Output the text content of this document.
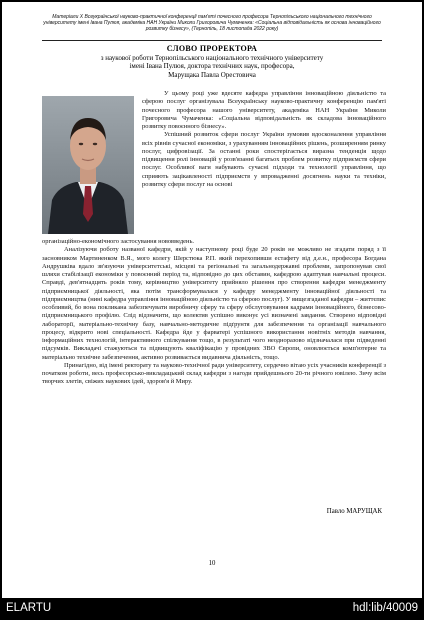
Матеріали Х Всеукраїнської науково-практичної конференції пам'яті почесного професора Тернопільського національного технічного університету імені Івана Пулюя, академіка НАН України Миколи Григоровича Чумаченка: «Соціальна відповідальність як основа інноваційного розвитку бізнесу», (Тернопіль, 18 листопада 2022 року)
СЛОВО ПРОРЕКТОРА
з наукової роботи Тернопільського національного технічного університету
імені Івана Пулюя, доктора технічних наук, професора,
Марущака Павла Орестовича

У цьому році уже вдесяте кафедра управління інноваційною діяльністю та сферою послуг організувала Всеукраїнську науково-практичну конференцію пам'яті почесного професора нашого університету, академіка НАН України Миколи Григоровича Чумаченка: «Соціальна відповідальність як складова інноваційного розвитку повоєнного бізнесу».

Успішний розвиток сфери послуг України зумовив вдосконалення управління всіх рівнів сучасної економіки, з урахуванням інноваційних рішень, розширенням ринку послуг, цифровізації. За останні роки спостерігається виразна тенденція щодо підвищення ролі інновацій у розв'язанні багатьох проблем розвитку підприємств сфери послуг. Особливої ваги набувають сучасні підходи та технології управління, що сприяють зацікавленості підприємств у впровадженні досягнень науки та техніки, розвитку сфери послуг на основі

організаційно-економічного застосування нововведень.

Аналізуючи роботу названої кафедри, якій у наступному році буде 20 років не можливо не згадати поряд з її засновником Мартиненком В.Я., мого колегу Шерстюка Р.П. який перехопивши естафету від д.е.н., професора Богдана Андрушківа вдало зв'язуючи університетські, місцеві та регіональні та загальнодержавні проблеми, запропонував свої шляхи стабілізації економіки у повоєнний період та, відповідно до цих обставин, кафедрою адаптував навчальні процеси. Справді, дев'ятнадцять років тому, керівництво університету прийняло рішення про створення кафедри менеджменту підприємницької діяльності, яка потім трансформувалася у кафедру менеджменту інноваційної діяльності та підприємництва (нині кафедра управління інноваційною діяльністю та сферою послуг). У вищезгаданої кафедри – життєпис особливий, бо вона покликана забезпечувати виробничу сферу та сферу обслуговування кадрами інноваційного, бізнесово-підприємницького профілю. Слід відзначити, що колектив успішно виконує усі визначені завдання. Створено відповідні лабораторії, матеріально-технічну базу, навчально-методичне підґрунтя для забезпечення та організації навчального процесу, відкрито нові спеціальності. Кафедра йде у фарватері успішного використання новітніх методів навчання, інформаційних технологій, інтерактивного спілкування тощо, в результаті чого неодноразово відзначалася при підведенні підсумків. Викладачі стажуються та підвищують кваліфікацію у провідних ЗВО Європи, оновлюється комп'ютерне та матеріально технічне забезпечення, активно розвивається видавнича діяльність, тощо.

Принагідно, від імені ректорату та науково-технічної ради університету, сердечно вітаю усіх учасників конференції з початком роботи, весь професорсько-викладацький склад кафедри з нагоди прийдешнього 20-ти річного ювілею. Зичу всім творчих злетів, свіжих наукових ідей, здоров'я й Миру.

Павло МАРУЩАК
10
ELARTU	hdl:lib/40009
